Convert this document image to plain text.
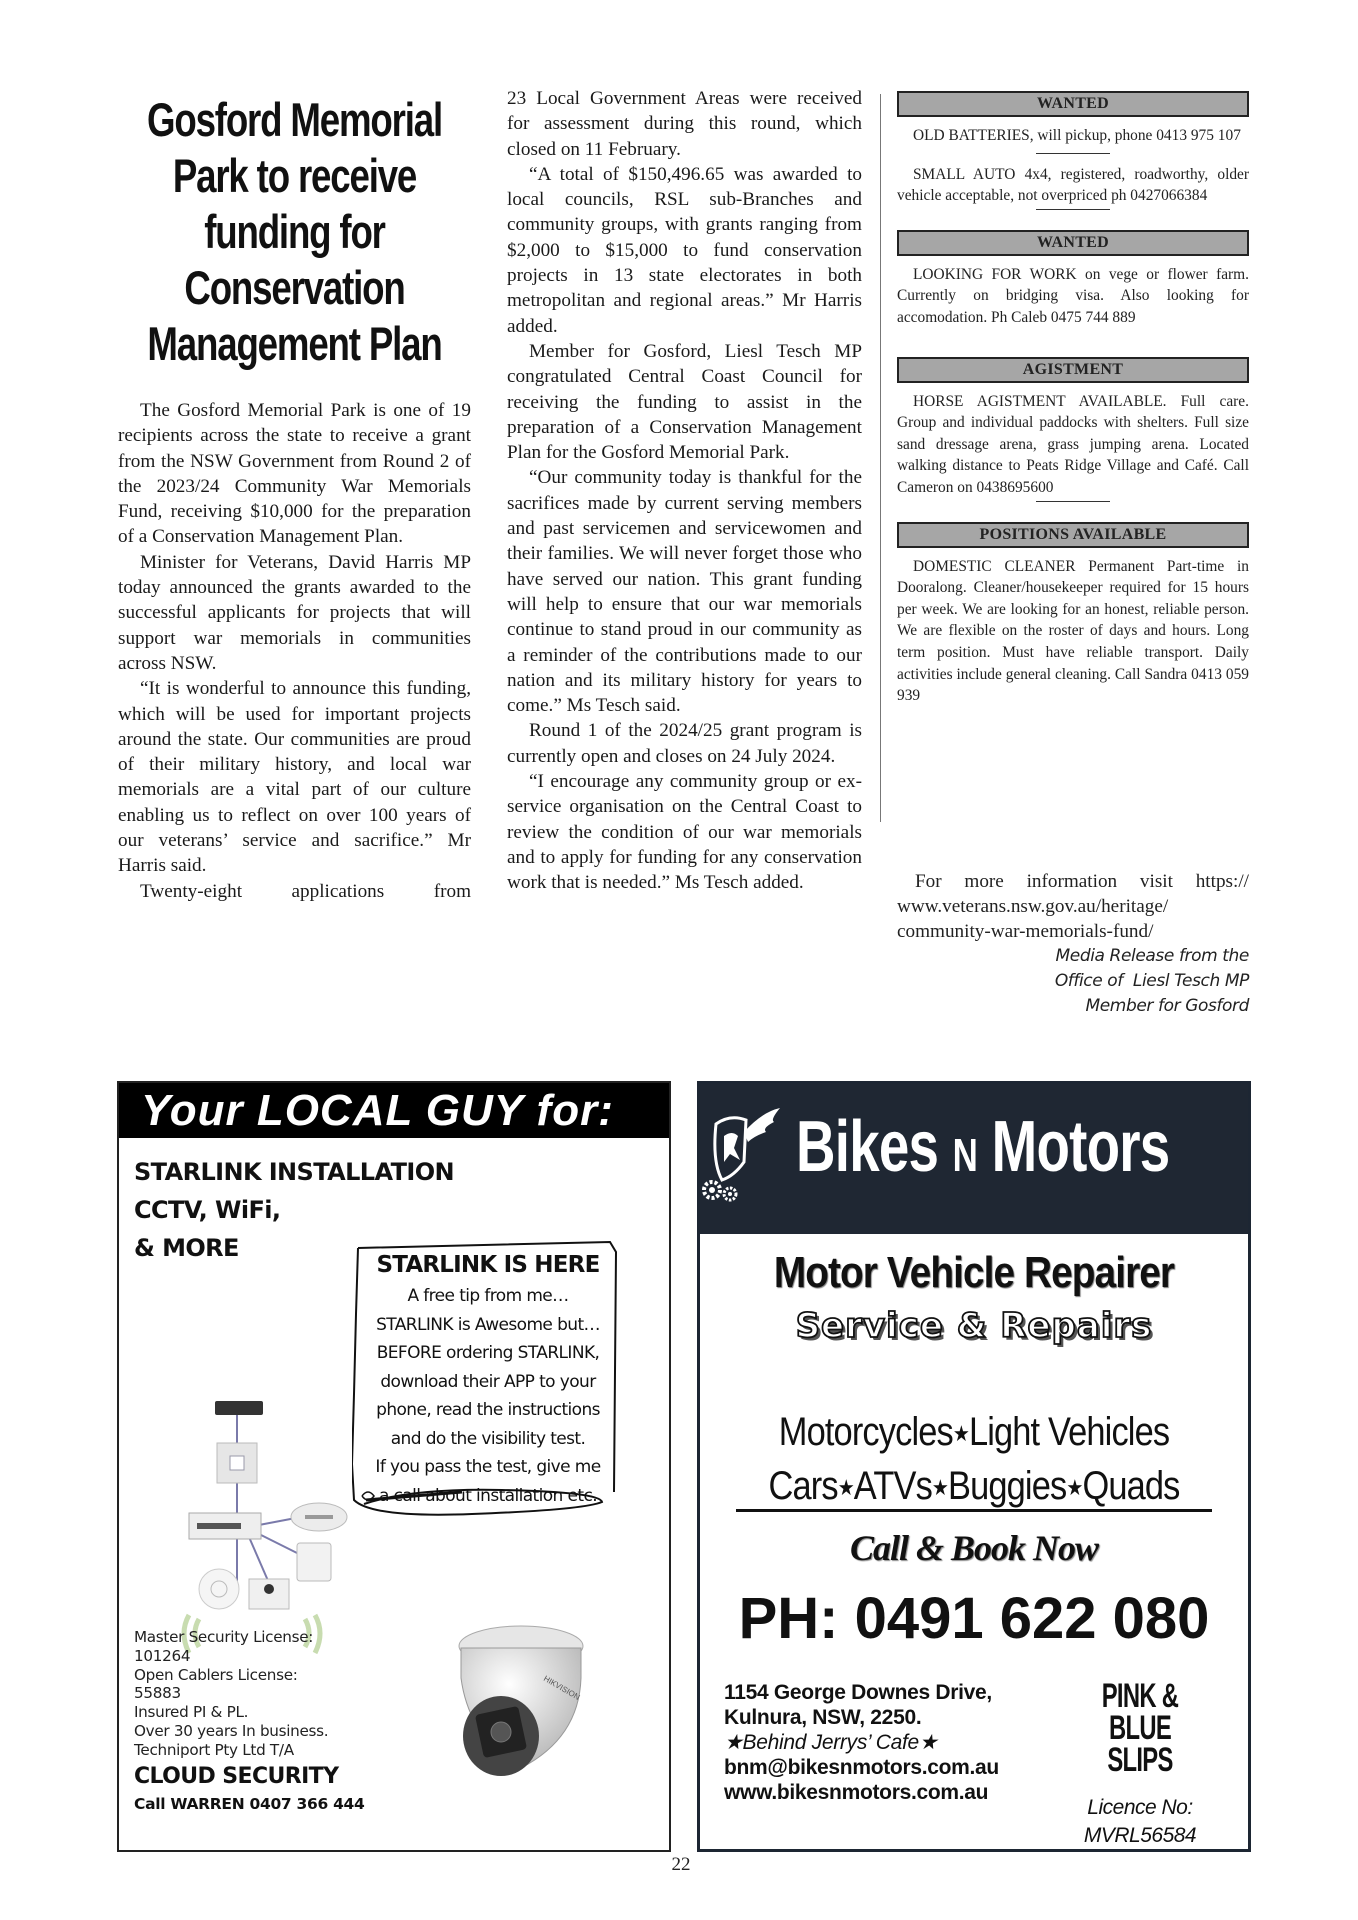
Gosford Memorial Park to receive funding for Conservation Management Plan

The Gosford Memorial Park is one of 19 recipients across the state to receive a grant from the NSW Government from Round 2 of the 2023/24 Community War Memorials Fund, receiving $10,000 for the preparation of a Conservation Management Plan.

Minister for Veterans, David Harris MP today announced the grants awarded to the successful applicants for projects that will support war memorials in communities across NSW.

“It is wonderful to announce this funding, which will be used for important projects around the state. Our communities are proud of their military history, and local war memorials are a vital part of our culture enabling us to reflect on over 100 years of our veterans’ service and sacrifice.” Mr Harris said.

Twenty-eight applications from

23 Local Government Areas were received for assessment during this round, which closed on 11 February.

“A total of $150,496.65 was awarded to local councils, RSL sub-Branches and community groups, with grants ranging from $2,000 to $15,000 to fund conservation projects in 13 state electorates in both metropolitan and regional areas.” Mr Harris added.

Member for Gosford, Liesl Tesch MP congratulated Central Coast Council for receiving the funding to assist in the preparation of a Conservation Management Plan for the Gosford Memorial Park.

“Our community today is thankful for the sacrifices made by current serving members and past servicemen and servicewomen and their families. We will never forget those who have served our nation. This grant funding will help to ensure that our war memorials continue to stand proud in our community as a reminder of the contributions made to our nation and its military history for years to come.” Ms Tesch said.

Round 1 of the 2024/25 grant program is currently open and closes on 24 July 2024.

“I encourage any community group or ex-service organisation on the Central Coast to review the condition of our war memorials and to apply for funding for any conservation work that is needed.” Ms Tesch added.

WANTED

OLD BATTERIES, will pickup, phone 0413 975 107

SMALL AUTO 4x4, registered, roadworthy, older vehicle acceptable, not overpriced ph 0427066384

WANTED

LOOKING FOR WORK on vege or flower farm. Currently on bridging visa. Also looking for accomodation. Ph Caleb 0475 744 889

AGISTMENT

HORSE AGISTMENT AVAILABLE. Full care. Group and individual paddocks with shelters. Full size sand dressage arena, grass jumping arena. Located walking distance to Peats Ridge Village and Café. Call Cameron on 0438695600

POSITIONS AVAILABLE

DOMESTIC CLEANER Permanent Part-time in Dooralong. Cleaner/housekeeper required for 15 hours per week. We are looking for an honest, reliable person. We are flexible on the roster of days and hours. Long term position. Must have reliable transport. Daily activities include general cleaning. Call Sandra 0413 059 939

For more information visit https:// www.veterans.nsw.gov.au/heritage/ community-war-memorials-fund/

Media Release from the
Office of  Liesl Tesch MP
Member for Gosford
Your LOCAL GUY for:
STARLINK INSTALLATION
CCTV, WiFi,
& MORE
STARLINK IS HERE
A free tip from me…
STARLINK is Awesome but…
BEFORE ordering STARLINK,
download their APP to your
phone, read the instructions
and do the visibility test.
If you pass the test, give me
a call about installation etc.
Master Security License:
101264
Open Cablers License:
55883
Insured PI & PL.
Over 30 years In business.
Techniport Pty Ltd T/A
CLOUD SECURITY
Call WARREN 0407 366 444
HIKVISION
Bikes N Motors
Motor Vehicle Repairer
Service & Repairs
Motorcycles★Light Vehicles
Cars★ATVs★Buggies★Quads
Call & Book Now
PH: 0491 622 080
1154 George Downes Drive,
Kulnura, NSW, 2250.
★Behind Jerrys’ Cafe★
bnm@bikesnmotors.com.au
www.bikesnmotors.com.au
PINK & BLUE
SLIPS
Licence No:
MVRL56584
22
